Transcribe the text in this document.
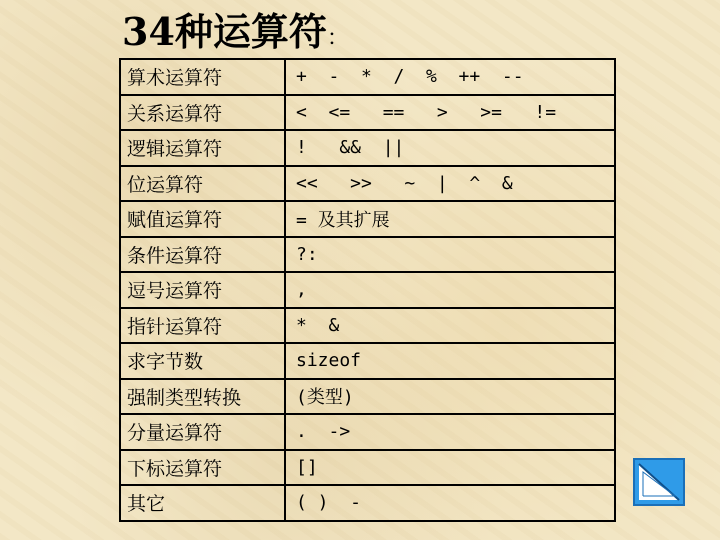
34种运算符：
算术运算符	+  -  *  /  %  ++  --
关系运算符	<  <=   ==   >   >=   !=
逻辑运算符	!   &&  ||
位运算符	<<   >>   ~  |  ^  &
赋值运算符	= 及其扩展
条件运算符	?:
逗号运算符	,
指针运算符	*  &
求字节数	sizeof
强制类型转换	(类型)
分量运算符	.  ->
下标运算符	[]
其它	( )  -
